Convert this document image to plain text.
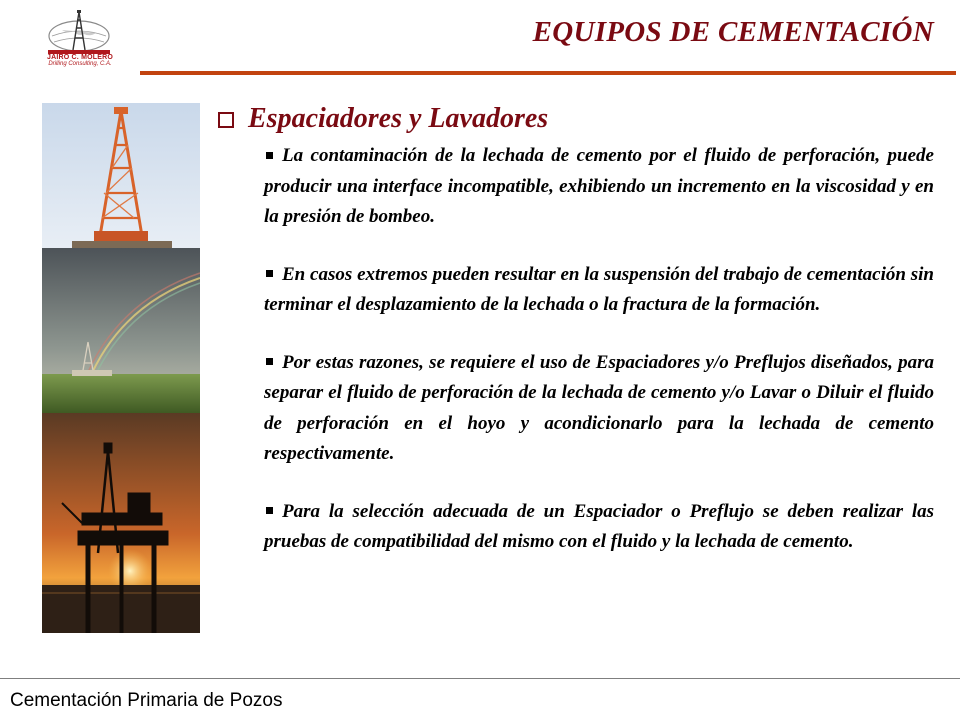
JAIRO C. MOLERO
Drilling Consulting, C.A.
EQUIPOS DE CEMENTACIÓN
Espaciadores y Lavadores
La contaminación de la lechada de cemento por el fluido de perforación, puede producir una interface incompatible, exhibiendo un incremento en la viscosidad y en la presión de bombeo.
En casos extremos pueden resultar en la suspensión del trabajo de cementación sin terminar el desplazamiento de la lechada o la fractura de la formación.
Por estas razones, se requiere el uso de Espaciadores y/o Preflujos diseñados, para separar el fluido de perforación de la lechada de cemento y/o Lavar o Diluir el fluido de perforación en el hoyo y acondicionarlo para la lechada de cemento respectivamente.
Para la selección adecuada de un Espaciador o Preflujo se deben realizar las pruebas de compatibilidad del mismo con el fluido y la lechada de cemento.
Cementación Primaria de Pozos
